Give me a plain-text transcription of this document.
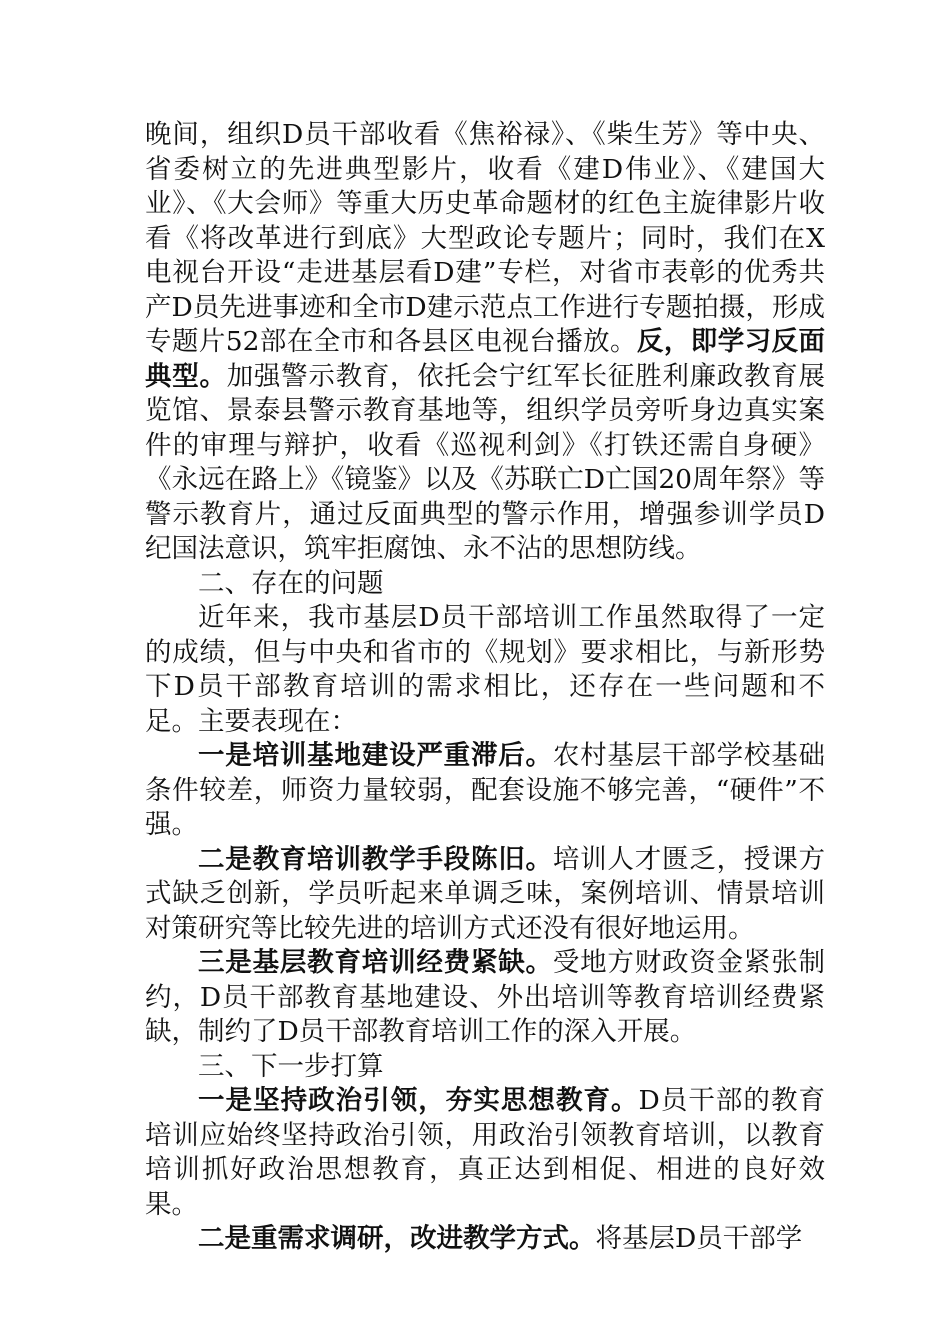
晚间，组织D员干部收看《焦裕禄》、《柴生芳》等中央、省委树立的先进典型影片，收看《建D伟业》、《建国大业》、《大会师》等重大历史革命题材的红色主旋律影片收看《将改革进行到底》大型政论专题片；同时，我们在X电视台开设“走进基层看D建”专栏，对省市表彰的优秀共产D员先进事迹和全市D建示范点工作进行专题拍摄，形成专题片52部在全市和各县区电视台播放。反，即学习反面典型。加强警示教育，依托会宁红军长征胜利廉政教育展览馆、景泰县警示教育基地等，组织学员旁听身边真实案件的审理与辩护，收看《巡视利剑》《打铁还需自身硬》《永远在路上》《镜鉴》以及《苏联亡D亡国20周年祭》等警示教育片，通过反面典型的警示作用，增强参训学员D纪国法意识，筑牢拒腐蚀、永不沾的思想防线。

二、存在的问题

近年来，我市基层D员干部培训工作虽然取得了一定的成绩，但与中央和省市的《规划》要求相比，与新形势下D员干部教育培训的需求相比，还存在一些问题和不足。主要表现在：

一是培训基地建设严重滞后。农村基层干部学校基础条件较差，师资力量较弱，配套设施不够完善，“硬件”不强。

二是教育培训教学手段陈旧。培训人才匮乏，授课方式缺乏创新，学员听起来单调乏味，案例培训、情景培训对策研究等比较先进的培训方式还没有很好地运用。

三是基层教育培训经费紧缺。受地方财政资金紧张制约，D员干部教育基地建设、外出培训等教育培训经费紧缺，制约了D员干部教育培训工作的深入开展。

三、下一步打算

一是坚持政治引领，夯实思想教育。D员干部的教育培训应始终坚持政治引领，用政治引领教育培训，以教育培训抓好政治思想教育，真正达到相促、相进的良好效果。

二是重需求调研，改进教学方式。将基层D员干部学
